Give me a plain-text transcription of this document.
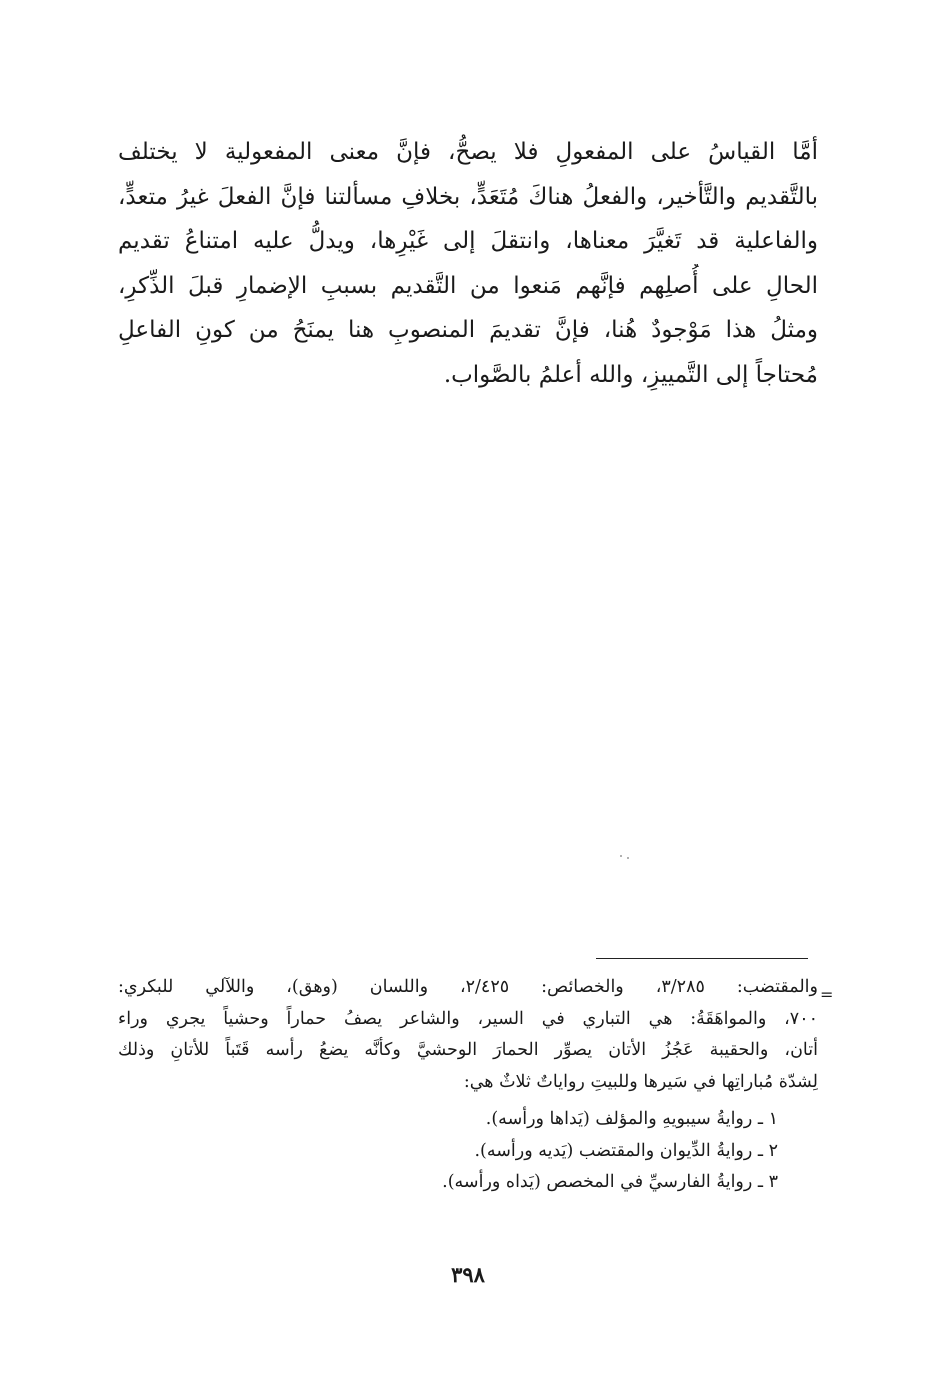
أمَّا القياسُ على المفعولِ فلا يصحُّ، فإنَّ معنى المفعولية لا يختلف
بالتَّقديم والتَّأخير، والفعلُ هناكَ مُتَعَدٍّ، بخلافِ مسألتنا فإنَّ الفعلَ غيرُ متعدٍّ،
والفاعلية قد تَغيَّرَ معناها، وانتقلَ إلى غَيْرِها، ويدلُّ عليه امتناعُ تقديم
الحالِ على أُصلِهم فإنَّهم مَنعوا من التَّقديم بسببِ الإضمارِ قبلَ الذِّكرِ،
ومثلُ هذا مَوْجودٌ هُنا، فإنَّ تقديمَ المنصوبِ هنا يمنَحُ من كونِ الفاعلِ
مُحتاجاً إلى التَّمييزِ، والله أعلمُ بالصَّواب.
=
والمقتضب: ٣/٢٨٥، والخصائص: ٢/٤٢٥، واللسان (وهق)، واللآلي للبكري:
٧٠٠، والمواهَقَةُ: هي التباري في السير، والشاعر يصفُ حماراً وحشياً يجري وراء
أتان، والحقيبة عَجُزُ الأتان يصوِّر الحمارَ الوحشيَّ وكأنَّه يضعُ رأسه قَتَباً للأتانِ وذلك
لِشدّة مُباراتِها في سَيرها وللبيتِ رواياتٌ ثلاثٌ هي:
١ ـ روايةُ سيبويهِ والمؤلف (يَداها ورأسه).
٢ ـ روايةُ الدِّيوان والمقتضب (يَديه ورأسه).
٣ ـ روايةُ الفارسيِّ في المخصص (يَداه ورأسه).
٣٩٨
